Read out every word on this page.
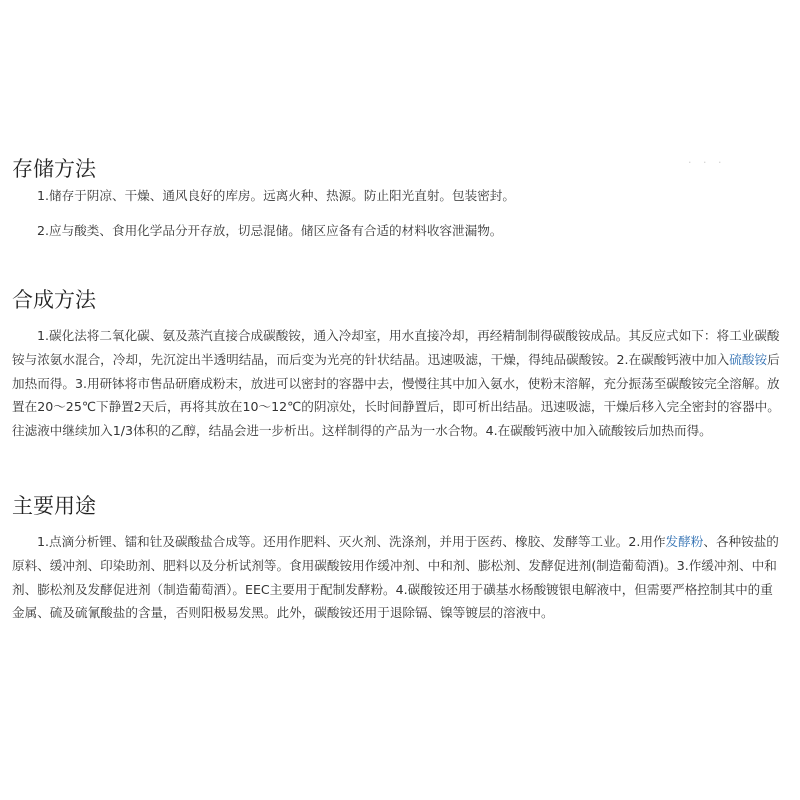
· · ·
存储方法

1.储存于阴凉、干燥、通风良好的库房。远离火种、热源。防止阳光直射。包装密封。

2.应与酸类、食用化学品分开存放，切忌混储。储区应备有合适的材料收容泄漏物。

合成方法

1.碳化法将二氧化碳、氨及蒸汽直接合成碳酸铵，通入冷却室，用水直接冷却，再经精制制得碳酸铵成品。其反应式如下：将工业碳酸铵与浓氨水混合，冷却，先沉淀出半透明结晶，而后变为光亮的针状结晶。迅速吸滤，干燥，得纯品碳酸铵。2.在碳酸钙液中加入硫酸铵后加热而得。3.用研钵将市售品研磨成粉末，放进可以密封的容器中去，慢慢往其中加入氨水，使粉末溶解，充分振荡至碳酸铵完全溶解。放置在20～25℃下静置2天后，再将其放在10～12℃的阴凉处，长时间静置后，即可析出结晶。迅速吸滤，干燥后移入完全密封的容器中。往滤液中继续加入1/3体积的乙醇，结晶会进一步析出。这样制得的产品为一水合物。4.在碳酸钙液中加入硫酸铵后加热而得。

主要用途

1.点滴分析锂、镭和钍及碳酸盐合成等。还用作肥料、灭火剂、洗涤剂，并用于医药、橡胶、发酵等工业。2.用作发酵粉、各种铵盐的原料、缓冲剂、印染助剂、肥料以及分析试剂等。食用碳酸铵用作缓冲剂、中和剂、膨松剂、发酵促进剂(制造葡萄酒)。3.作缓冲剂、中和剂、膨松剂及发酵促进剂（制造葡萄酒）。EEC主要用于配制发酵粉。4.碳酸铵还用于磺基水杨酸镀银电解液中，但需要严格控制其中的重金属、硫及硫氰酸盐的含量，否则阳极易发黑。此外，碳酸铵还用于退除镉、镍等镀层的溶液中。
